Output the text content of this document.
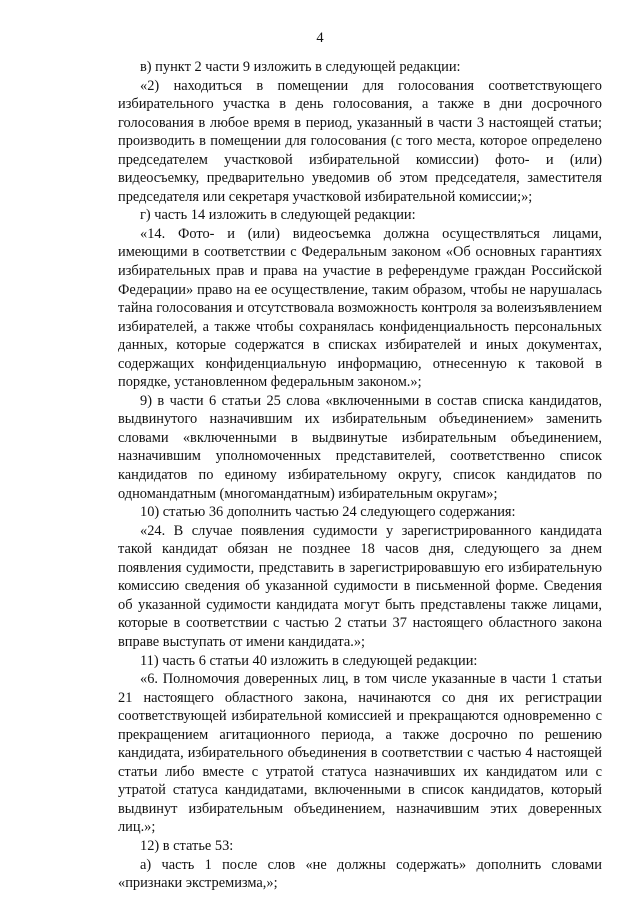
4

в) пункт 2 части 9 изложить в следующей редакции:

«2) находиться в помещении для голосования соответствующего избирательного участка в день голосования, а также в дни досрочного голосования в любое время в период, указанный в части 3 настоящей статьи; производить в помещении для голосования (с того места, которое определено председателем участковой избирательной комиссии) фото- и (или) видеосъемку, предварительно уведомив об этом председателя, заместителя председателя или секретаря участковой избирательной комиссии;»;

г) часть 14 изложить в следующей редакции:

«14. Фото- и (или) видеосъемка должна осуществляться лицами, имеющими в соответствии с Федеральным законом «Об основных гарантиях избирательных прав и права на участие в референдуме граждан Российской Федерации» право на ее осуществление, таким образом, чтобы не нарушалась тайна голосования и отсутствовала возможность контроля за волеизъявлением избирателей, а также чтобы сохранялась конфиденциальность персональных данных, которые содержатся в списках избирателей и иных документах, содержащих конфиденциальную информацию, отнесенную к таковой в порядке, установленном федеральным законом.»;

9) в части 6 статьи 25 слова «включенными в состав списка кандидатов, выдвинутого назначившим их избирательным объединением» заменить словами «включенными в выдвинутые избирательным объединением, назначившим уполномоченных представителей, соответственно список кандидатов по единому избирательному округу, список кандидатов по одномандатным (многомандатным) избирательным округам»;

10) статью 36 дополнить частью 24 следующего содержания:

«24. В случае появления судимости у зарегистрированного кандидата такой кандидат обязан не позднее 18 часов дня, следующего за днем появления судимости, представить в зарегистрировавшую его избирательную комиссию сведения об указанной судимости в письменной форме. Сведения об указанной судимости кандидата могут быть представлены также лицами, которые в соответствии с частью 2 статьи 37 настоящего областного закона вправе выступать от имени кандидата.»;

11) часть 6 статьи 40 изложить в следующей редакции:

«6. Полномочия доверенных лиц, в том числе указанные в части 1 статьи 21 настоящего областного закона, начинаются со дня их регистрации соответствующей избирательной комиссией и прекращаются одновременно с прекращением агитационного периода, а также досрочно по решению кандидата, избирательного объединения в соответствии с частью 4 настоящей статьи либо вместе с утратой статуса назначивших их кандидатом или с утратой статуса кандидатами, включенными в список кандидатов, который выдвинут избирательным объединением, назначившим этих доверенных лиц.»;

12) в статье 53:

а) часть 1 после слов «не должны содержать» дополнить словами «признаки экстремизма,»;
